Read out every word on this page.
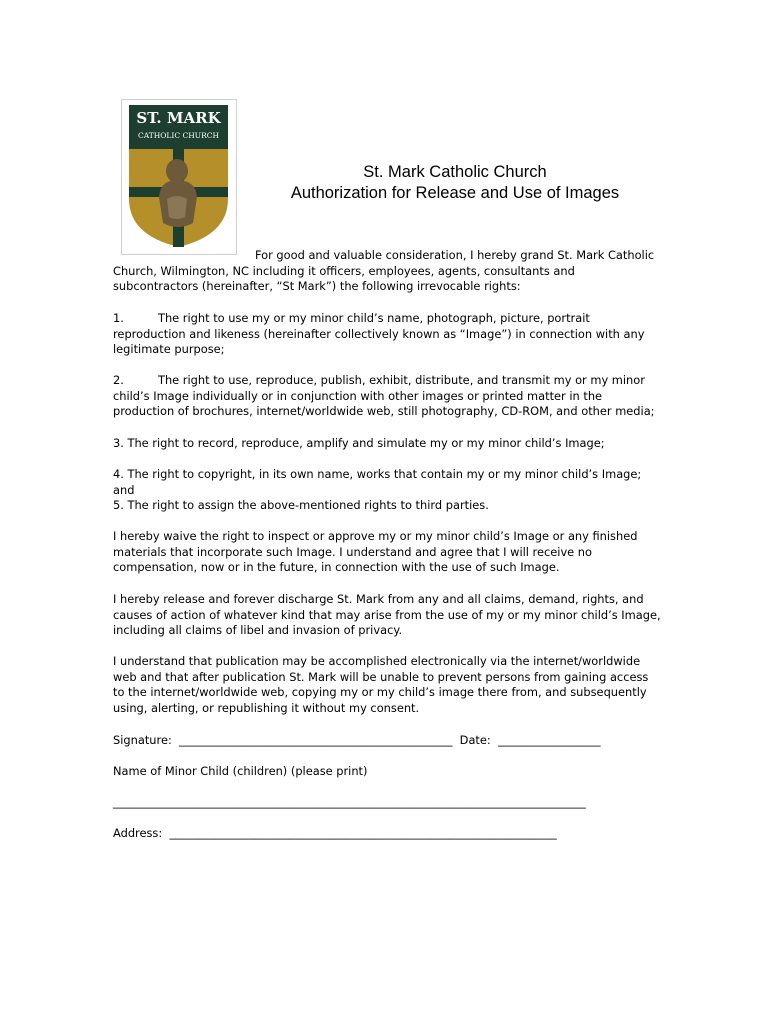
ST. MARK
CATHOLIC CHURCH
St. Mark Catholic Church
Authorization for Release and Use of Images

For good and valuable consideration, I hereby grand St. Mark Catholic Church, Wilmington, NC including it officers, employees, agents, consultants and subcontractors (hereinafter, “St Mark”) the following irrevocable rights:

1.	The right to use my or my minor child’s name, photograph, picture, portrait reproduction and likeness (hereinafter collectively known as “Image”) in connection with any legitimate purpose;

2.	The right to use, reproduce, publish, exhibit, distribute, and transmit my or my minor child’s Image individually or in conjunction with other images or printed matter in the production of brochures, internet/worldwide web, still photography, CD-ROM, and other media;

3. The right to record, reproduce, amplify and simulate my or my minor child’s Image;

4. The right to copyright, in its own name, works that contain my or my minor child’s Image; and

5. The right to assign the above-mentioned rights to third parties.

I hereby waive the right to inspect or approve my or my minor child’s Image or any finished materials that incorporate such Image. I understand and agree that I will receive no compensation, now or in the future, in connection with the use of such Image.

I hereby release and forever discharge St. Mark from any and all claims, demand, rights, and causes of action of whatever kind that may arise from the use of my or my minor child’s Image, including all claims of libel and invasion of privacy.

I understand that publication may be accomplished electronically via the internet/worldwide web and that after publication St. Mark will be unable to prevent persons from gaining access to the internet/worldwide web, copying my or my child’s image there from, and subsequently using, alerting, or republishing it without my consent.

Signature: ________________________________________________ Date: __________________
Name of Minor Child (children) (please print)
___________________________________________________________________________________
Address: ____________________________________________________________________
